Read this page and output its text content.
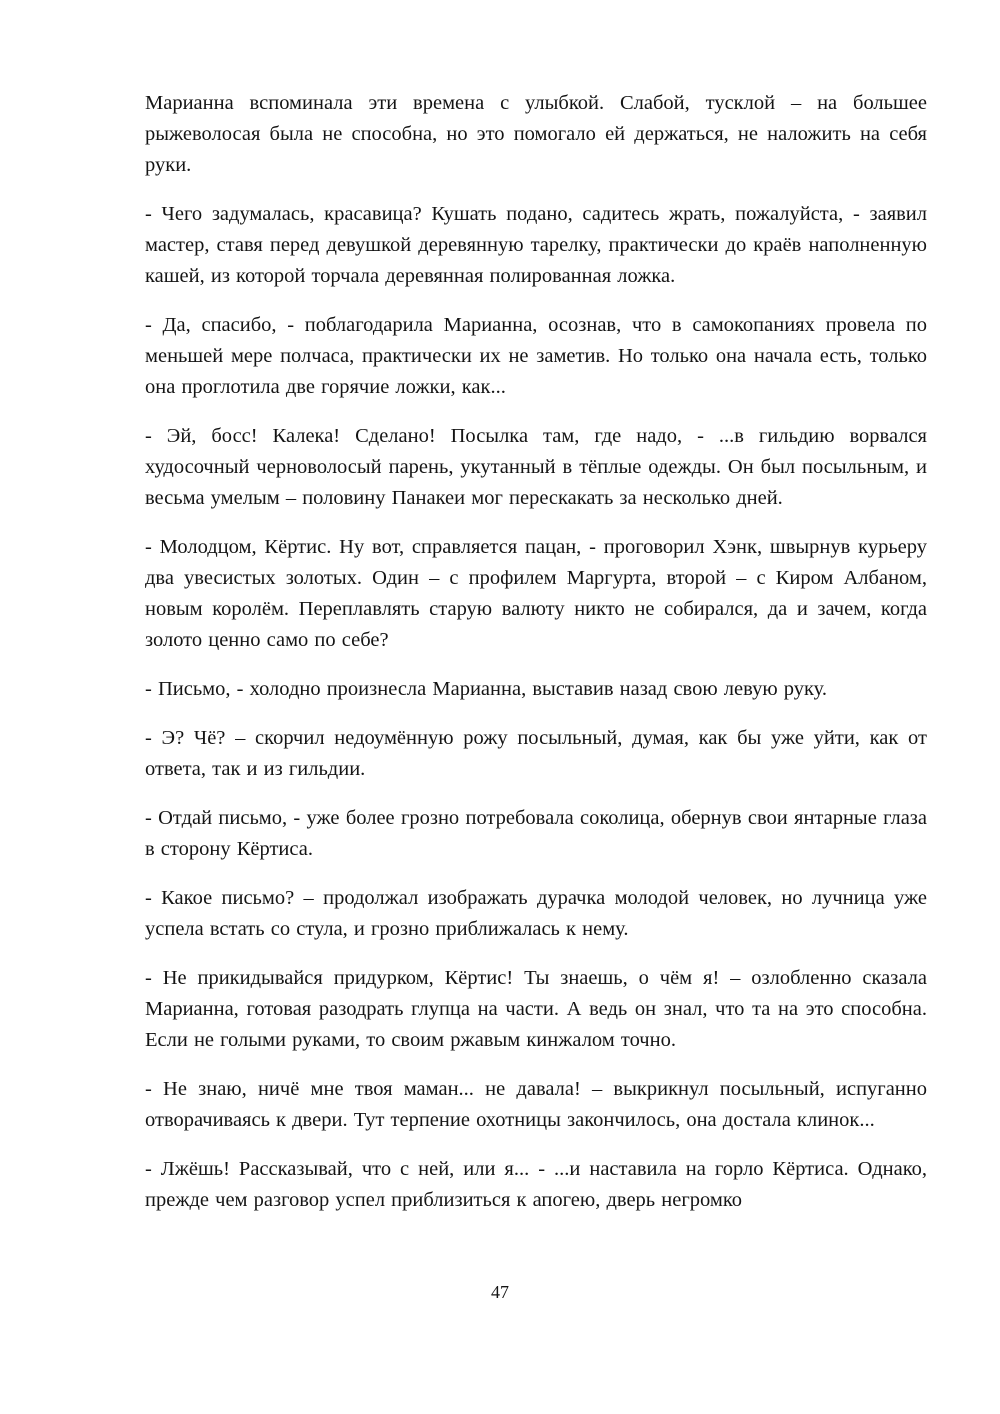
Марианна вспоминала эти времена с улыбкой. Слабой, тусклой – на большее рыжеволосая была не способна, но это помогало ей держаться, не наложить на себя руки.

- Чего задумалась, красавица? Кушать подано, садитесь жрать, пожалуйста, - заявил мастер, ставя перед девушкой деревянную тарелку, практически до краёв наполненную кашей, из которой торчала деревянная полированная ложка.

- Да, спасибо, - поблагодарила Марианна, осознав, что в самокопаниях провела по меньшей мере полчаса, практически их не заметив. Но только она начала есть, только она проглотила две горячие ложки, как...

- Эй, босс! Калека! Сделано! Посылка там, где надо, - ...в гильдию ворвался худосочный черноволосый парень, укутанный в тёплые одежды. Он был посыльным, и весьма умелым – половину Панакеи мог перескакать за несколько дней.

- Молодцом, Кёртис. Ну вот, справляется пацан, - проговорил Хэнк, швырнув курьеру два увесистых золотых. Один – с профилем Маргурта, второй – с Киром Албаном, новым королём. Переплавлять старую валюту никто не собирался, да и зачем, когда золото ценно само по себе?

- Письмо, - холодно произнесла Марианна, выставив назад свою левую руку.

- Э? Чё? – скорчил недоумённую рожу посыльный, думая, как бы уже уйти, как от ответа, так и из гильдии.

- Отдай письмо, - уже более грозно потребовала соколица, обернув свои янтарные глаза в сторону Кёртиса.

- Какое письмо? – продолжал изображать дурачка молодой человек, но лучница уже успела встать со стула, и грозно приближалась к нему.

- Не прикидывайся придурком, Кёртис! Ты знаешь, о чём я! – озлобленно сказала Марианна, готовая разодрать глупца на части. А ведь он знал, что та на это способна. Если не голыми руками, то своим ржавым кинжалом точно.

- Не знаю, ничё мне твоя маман... не давала! – выкрикнул посыльный, испуганно отворачиваясь к двери. Тут терпение охотницы закончилось, она достала клинок...

- Лжёшь! Рассказывай, что с ней, или я... - ...и наставила на горло Кёртиса. Однако, прежде чем разговор успел приблизиться к апогею, дверь негромко

47
